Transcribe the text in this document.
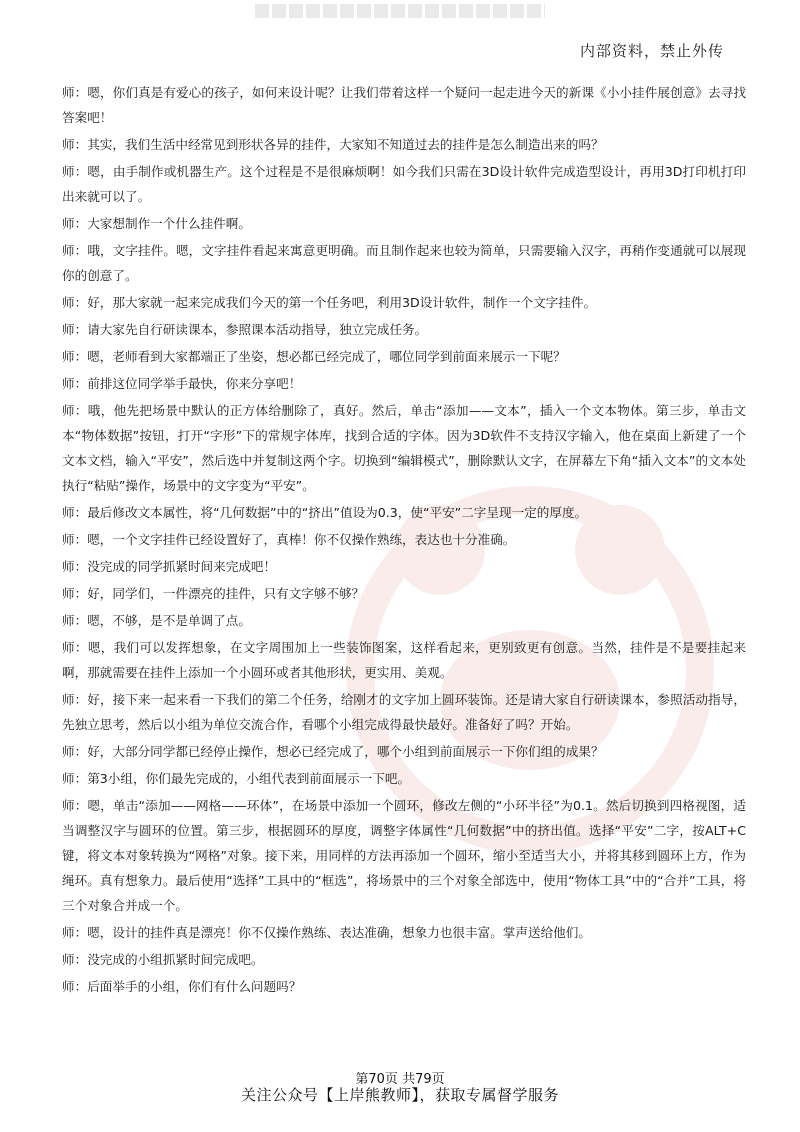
内部资料，禁止外传

师：嗯，你们真是有爱心的孩子，如何来设计呢？让我们带着这样一个疑问一起走进今天的新课《小小挂件展创意》去寻找答案吧！

师：其实，我们生活中经常见到形状各异的挂件，大家知不知道过去的挂件是怎么制造出来的吗？

师：嗯，由手制作或机器生产。这个过程是不是很麻烦啊！如今我们只需在3D设计软件完成造型设计，再用3D打印机打印出来就可以了。

师：大家想制作一个什么挂件啊。

师：哦，文字挂件。嗯，文字挂件看起来寓意更明确。而且制作起来也较为简单，只需要输入汉字，再稍作变通就可以展现你的创意了。

师：好，那大家就一起来完成我们今天的第一个任务吧，利用3D设计软件，制作一个文字挂件。

师：请大家先自行研读课本，参照课本活动指导，独立完成任务。

师：嗯，老师看到大家都端正了坐姿，想必都已经完成了，哪位同学到前面来展示一下呢？

师：前排这位同学举手最快，你来分享吧！

师：哦，他先把场景中默认的正方体给删除了，真好。然后，单击“添加——文本”，插入一个文本物体。第三步，单击文本“物体数据”按钮，打开“字形”下的常规字体库，找到合适的字体。因为3D软件不支持汉字输入，他在桌面上新建了一个文本文档，输入“平安”，然后选中并复制这两个字。切换到“编辑模式”，删除默认文字，在屏幕左下角“插入文本”的文本处执行“粘贴”操作，场景中的文字变为“平安”。

师：最后修改文本属性，将“几何数据”中的“挤出”值设为0.3，使“平安”二字呈现一定的厚度。

师：嗯，一个文字挂件已经设置好了，真棒！你不仅操作熟练，表达也十分准确。

师：没完成的同学抓紧时间来完成吧！

师：好，同学们，一件漂亮的挂件，只有文字够不够？

师：嗯，不够，是不是单调了点。

师：嗯，我们可以发挥想象，在文字周围加上一些装饰图案，这样看起来，更别致更有创意。当然，挂件是不是要挂起来啊，那就需要在挂件上添加一个小圆环或者其他形状，更实用、美观。

师：好，接下来一起来看一下我们的第二个任务，给刚才的文字加上圆环装饰。还是请大家自行研读课本，参照活动指导，先独立思考，然后以小组为单位交流合作，看哪个小组完成得最快最好。准备好了吗？开始。

师：好，大部分同学都已经停止操作，想必已经完成了，哪个小组到前面展示一下你们组的成果？

师：第3小组，你们最先完成的，小组代表到前面展示一下吧。

师：嗯，单击“添加——网格——环体”，在场景中添加一个圆环，修改左侧的“小环半径”为0.1。然后切换到四格视图，适当调整汉字与圆环的位置。第三步，根据圆环的厚度，调整字体属性“几何数据”中的挤出值。选择“平安”二字，按ALT+C键，将文本对象转换为“网格”对象。接下来，用同样的方法再添加一个圆环，缩小至适当大小，并将其移到圆环上方，作为绳环。真有想象力。最后使用“选择”工具中的“框选”，将场景中的三个对象全部选中，使用“物体工具”中的“合并”工具，将三个对象合并成一个。

师：嗯，设计的挂件真是漂亮！你不仅操作熟练、表达准确，想象力也很丰富。掌声送给他们。

师：没完成的小组抓紧时间完成吧。

师：后面举手的小组，你们有什么问题吗？

第70页 共79页
关注公众号【上岸熊教师】，获取专属督学服务
